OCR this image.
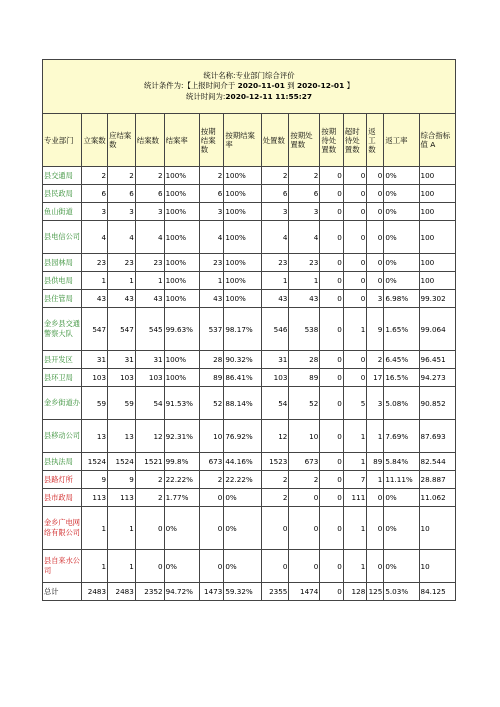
统计名称:专业部门综合评价
统计条件为:【上报时间介于 2020-11-01 到 2020-12-01 】
统计时间为:2020-12-11 11:55:27													

专业部门	立案数	应结案数	结案数	结案率	按期结案数	按期结案率	处置数	按期处置数	按期待处置数	超时待处置数	返工数	返工率	综合指标值 A
县交通局	2	2	2	100%	2	100%	2	2	0	0	0	0%	100
县民政局	6	6	6	100%	6	100%	6	6	0	0	0	0%	100
鱼山街道	3	3	3	100%	3	100%	3	3	0	0	0	0%	100
县电信公司	4	4	4	100%	4	100%	4	4	0	0	0	0%	100
县园林局	23	23	23	100%	23	100%	23	23	0	0	0	0%	100
县供电局	1	1	1	100%	1	100%	1	1	0	0	0	0%	100
县住管局	43	43	43	100%	43	100%	43	43	0	0	3	6.98%	99.302
金乡县交通警察大队	547	547	545	99.63%	537	98.17%	546	538	0	1	9	1.65%	99.064
县开发区	31	31	31	100%	28	90.32%	31	28	0	0	2	6.45%	96.451
县环卫局	103	103	103	100%	89	86.41%	103	89	0	0	17	16.5%	94.273
金乡街道办	59	59	54	91.53%	52	88.14%	54	52	0	5	3	5.08%	90.852
县移动公司	13	13	12	92.31%	10	76.92%	12	10	0	1	1	7.69%	87.693
县执法局	1524	1524	1521	99.8%	673	44.16%	1523	673	0	1	89	5.84%	82.544
县路灯所	9	9	2	22.22%	2	22.22%	2	2	0	7	1	11.11%	28.887
县市政局	113	113	2	1.77%	0	0%	2	0	0	111	0	0%	11.062
金乡广电网络有限公司	1	1	0	0%	0	0%	0	0	0	1	0	0%	10
县自来水公司	1	1	0	0%	0	0%	0	0	0	1	0	0%	10
总计	2483	2483	2352	94.72%	1473	59.32%	2355	1474	0	128	125	5.03%	84.125
